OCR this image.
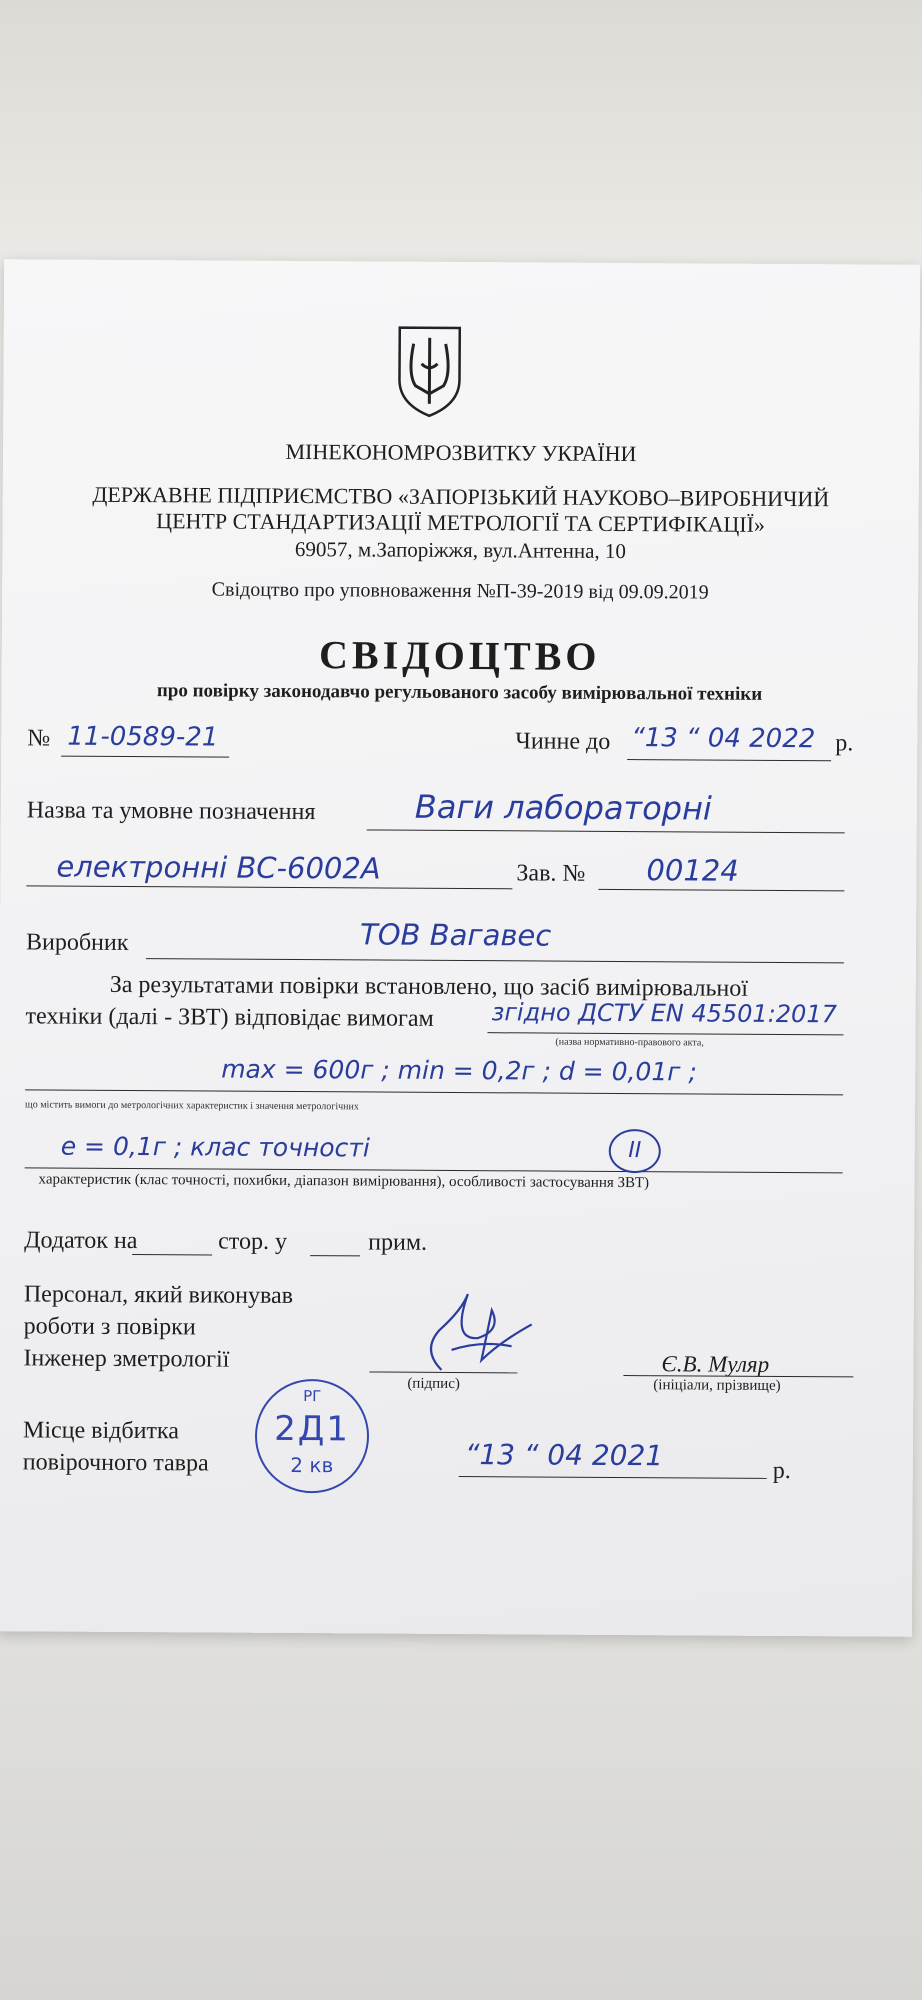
МІНЕКОНОМРОЗВИТКУ УКРАЇНИ
ДЕРЖАВНЕ ПІДПРИЄМСТВО «ЗАПОРІЗЬКИЙ НАУКОВО–ВИРОБНИЧИЙ
ЦЕНТР СТАНДАРТИЗАЦІЇ МЕТРОЛОГІЇ ТА СЕРТИФІКАЦІЇ»
69057, м.Запоріжжя, вул.Антенна, 10
Свідоцтво про уповноваження №П-39-2019 від 09.09.2019
СВІДОЦТВО
про повірку законодавчо регульованого засобу вимірювальної техніки
№ 11-0589-21	Чинне до “13 “ 04 2022 р.
Назва та умовне позначення	Ваги лабораторні
електронні ВС-6002А	Зав. № 00124
Виробник	ТОВ Вагавес
За результатами повірки встановлено, що засіб вимірювальної
техніки (далі - ЗВТ) відповідає вимогам згідно ДСТУ EN 45501:2017
(назва нормативно-правового акта,
max = 600г ; min = 0,2г ; d = 0,01г ;
що містить вимоги до метрологічних характеристик і значення метрологічних
е = 0,1г ; клас точності	II
характеристик (клас точності, похибки, діапазон вимірювання), особливості застосування ЗВТ)
Додаток на	стор. у	прим.
Персонал, який виконував
роботи з повірки
Інженер зметрології
(підпис)
Є.В. Муляр
(ініціали, прізвище)
Місце відбитка
повірочного тавра
РГ
2Д1
2 кв	“13 “ 04 2021	р.
